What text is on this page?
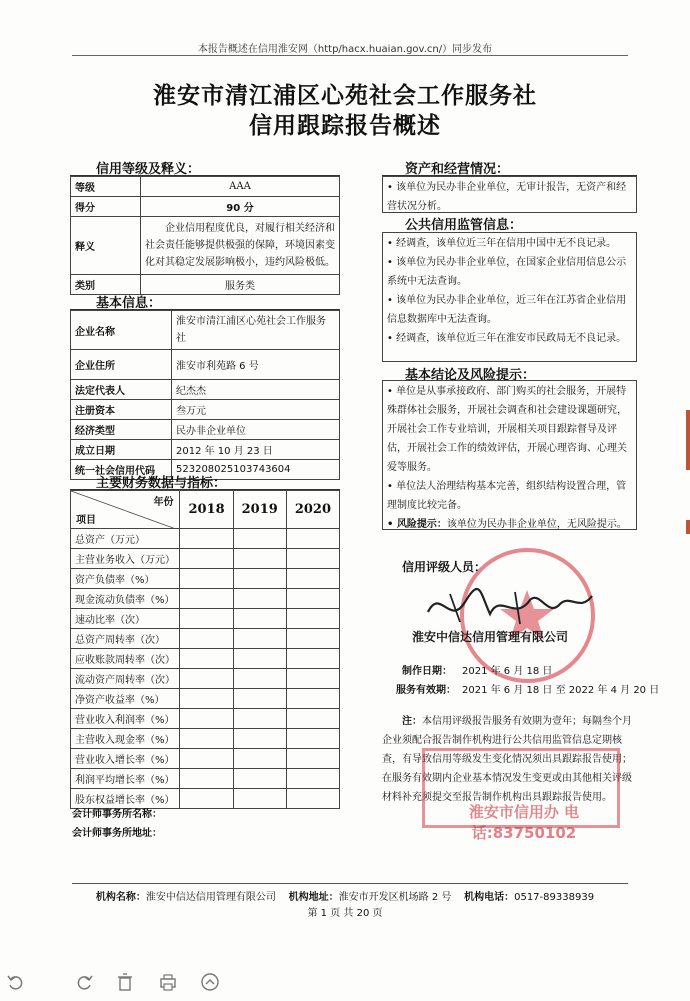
本报告概述在信用淮安网（http/hacx.huaian.gov.cn/）同步发布
淮安市清江浦区心苑社会工作服务社
信用跟踪报告概述
信用等级及释义：
等级	AAA
得分	90 分
释义	企业信用程度优良，对履行相关经济和社会责任能够提供极强的保障，环境因素变化对其稳定发展影响极小，违约风险极低。
类别	服务类
基本信息：
企业名称	淮安市清江浦区心苑社会工作服务社
企业住所	淮安市利苑路 6 号
法定代表人	纪杰杰
注册资本	叁万元
经济类型	民办非企业单位
成立日期	2012 年 10 月 23 日
统一社会信用代码	523208025103743604
主要财务数据与指标：
年份
项目	2018	2019	2020
总资产（万元）			
主营业务收入（万元）			
资产负债率（%）			
现金流动负债率（%）			
速动比率（次）			
总资产周转率（次）			
应收账款周转率（次）			
流动资产周转率（次）			
净资产收益率（%）			
营业收入利润率（%）			
主营收入现金率（%）			
营业收入增长率（%）			
利润平均增长率（%）			
股东权益增长率（%）			
会计师事务所名称：
会计师事务所地址：
资产和经营情况：

• 该单位为民办非企业单位，无审计报告，无资产和经营状况分析。

公共信用监管信息：

• 经调查，该单位近三年在信用中国中无不良记录。

• 该单位为民办非企业单位，在国家企业信用信息公示系统中无法查询。

• 该单位为民办非企业单位，近三年在江苏省企业信用信息数据库中无法查询。

• 经调查，该单位近三年在淮安市民政局无不良记录。

基本结论及风险提示：

• 单位是从事承接政府、部门购买的社会服务，开展特殊群体社会服务，开展社会调查和社会建设课题研究，开展社会工作专业培训，开展相关项目跟踪督导及评估，开展社会工作的绩效评估，开展心理咨询、心理关爱等服务。

• 单位法人治理结构基本完善，组织结构设置合理，管理制度比较完备。

• 风险提示：该单位为民办非企业单位，无风险提示。

信用评级人员：
淮安中信达信用管理有限公司
制作日期： 2021 年 6 月 18 日
服务有效期： 2021 年 6 月 18 日 至 2022 年 4 月 20 日
注：本信用评级报告服务有效期为壹年；每隔叁个月企业须配合报告制作机构进行公共信用监管信息定期核查，有导致信用等级发生变化情况须出具跟踪报告使用；在服务有效期内企业基本情况发生变更或由其他相关评级材料补充须提交至报告制作机构出具跟踪报告使用。
淮安市信用办 电话:83750102
机构名称：淮安中信达信用管理有限公司 机构地址：淮安市开发区机场路 2 号 机构电话：0517-89338939
第 1 页 共 20 页
